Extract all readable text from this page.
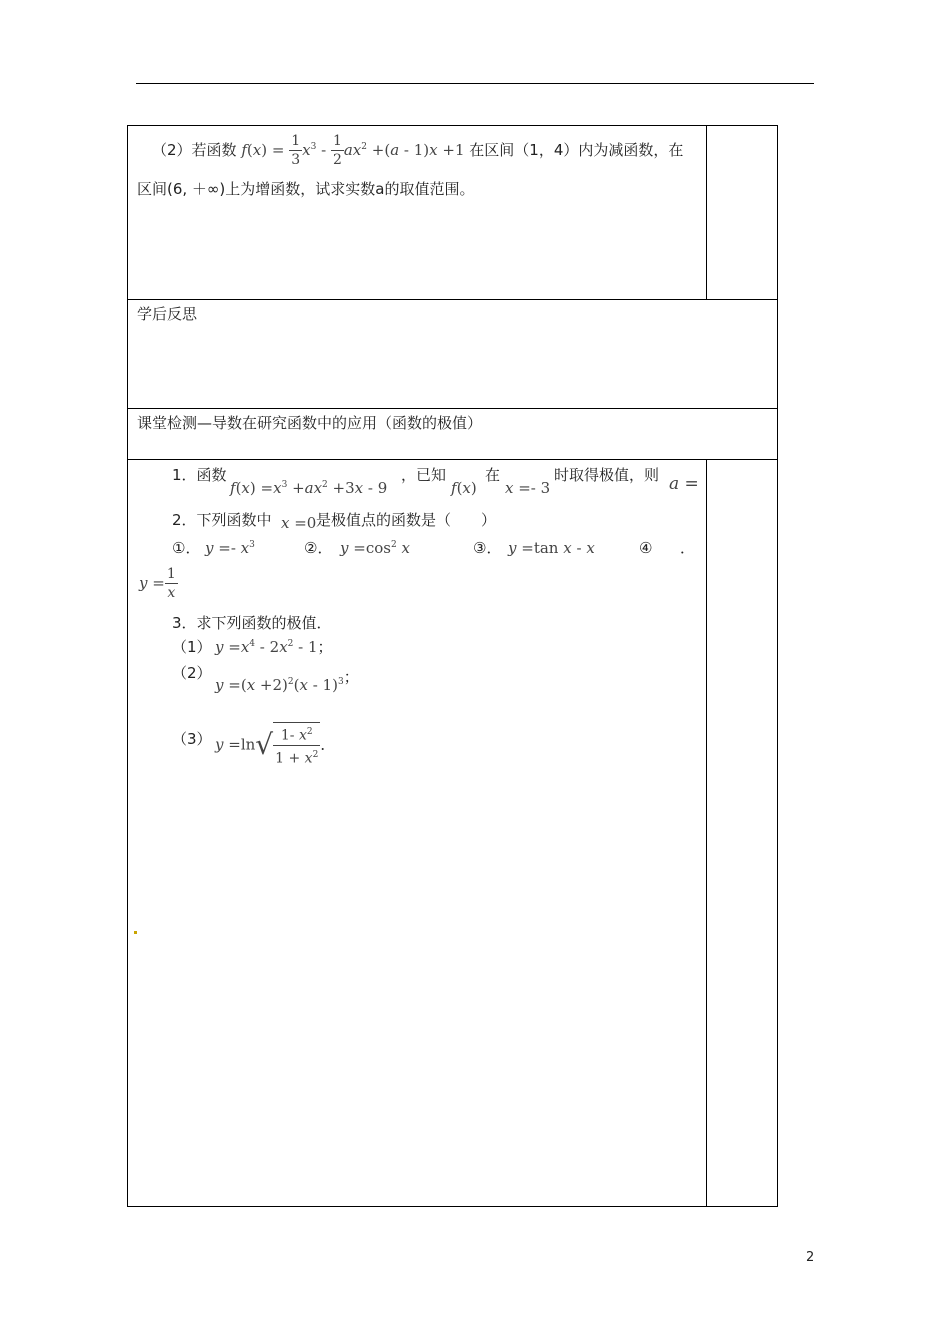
（2）若函数 $f(x) = \frac{1}{3} x^3 - \frac{1}{2} ax^2 +(a - 1)x +1$ 在区间（1，4）内为减函数，在
区间(6, ＋∞)上为增函数，试求实数a的取值范围。
学后反思
课堂检测—导数在研究函数中的应用（函数的极值）
1．函数
$f(x) =x^3 +ax^2 +3x - 9$
，已知
f(x)
在
x =- 3
时取得极值，则 a =
2．下列函数中 x =0 是极值点的函数是（　　）
①． $y =- x^3$	②． $y =\cos^2$ x	③． y =tan x - x	④ ．
$y = \frac{1}{x}$
3．求下列函数的极值．
（1） $y =x^4 - 2x^2 - 1$；
（2）
$y =(x +2)^2(x - 1)^3$；
（3） $y =\ln√ \frac{1- x^2}{1 + x^2}$ ．
2
